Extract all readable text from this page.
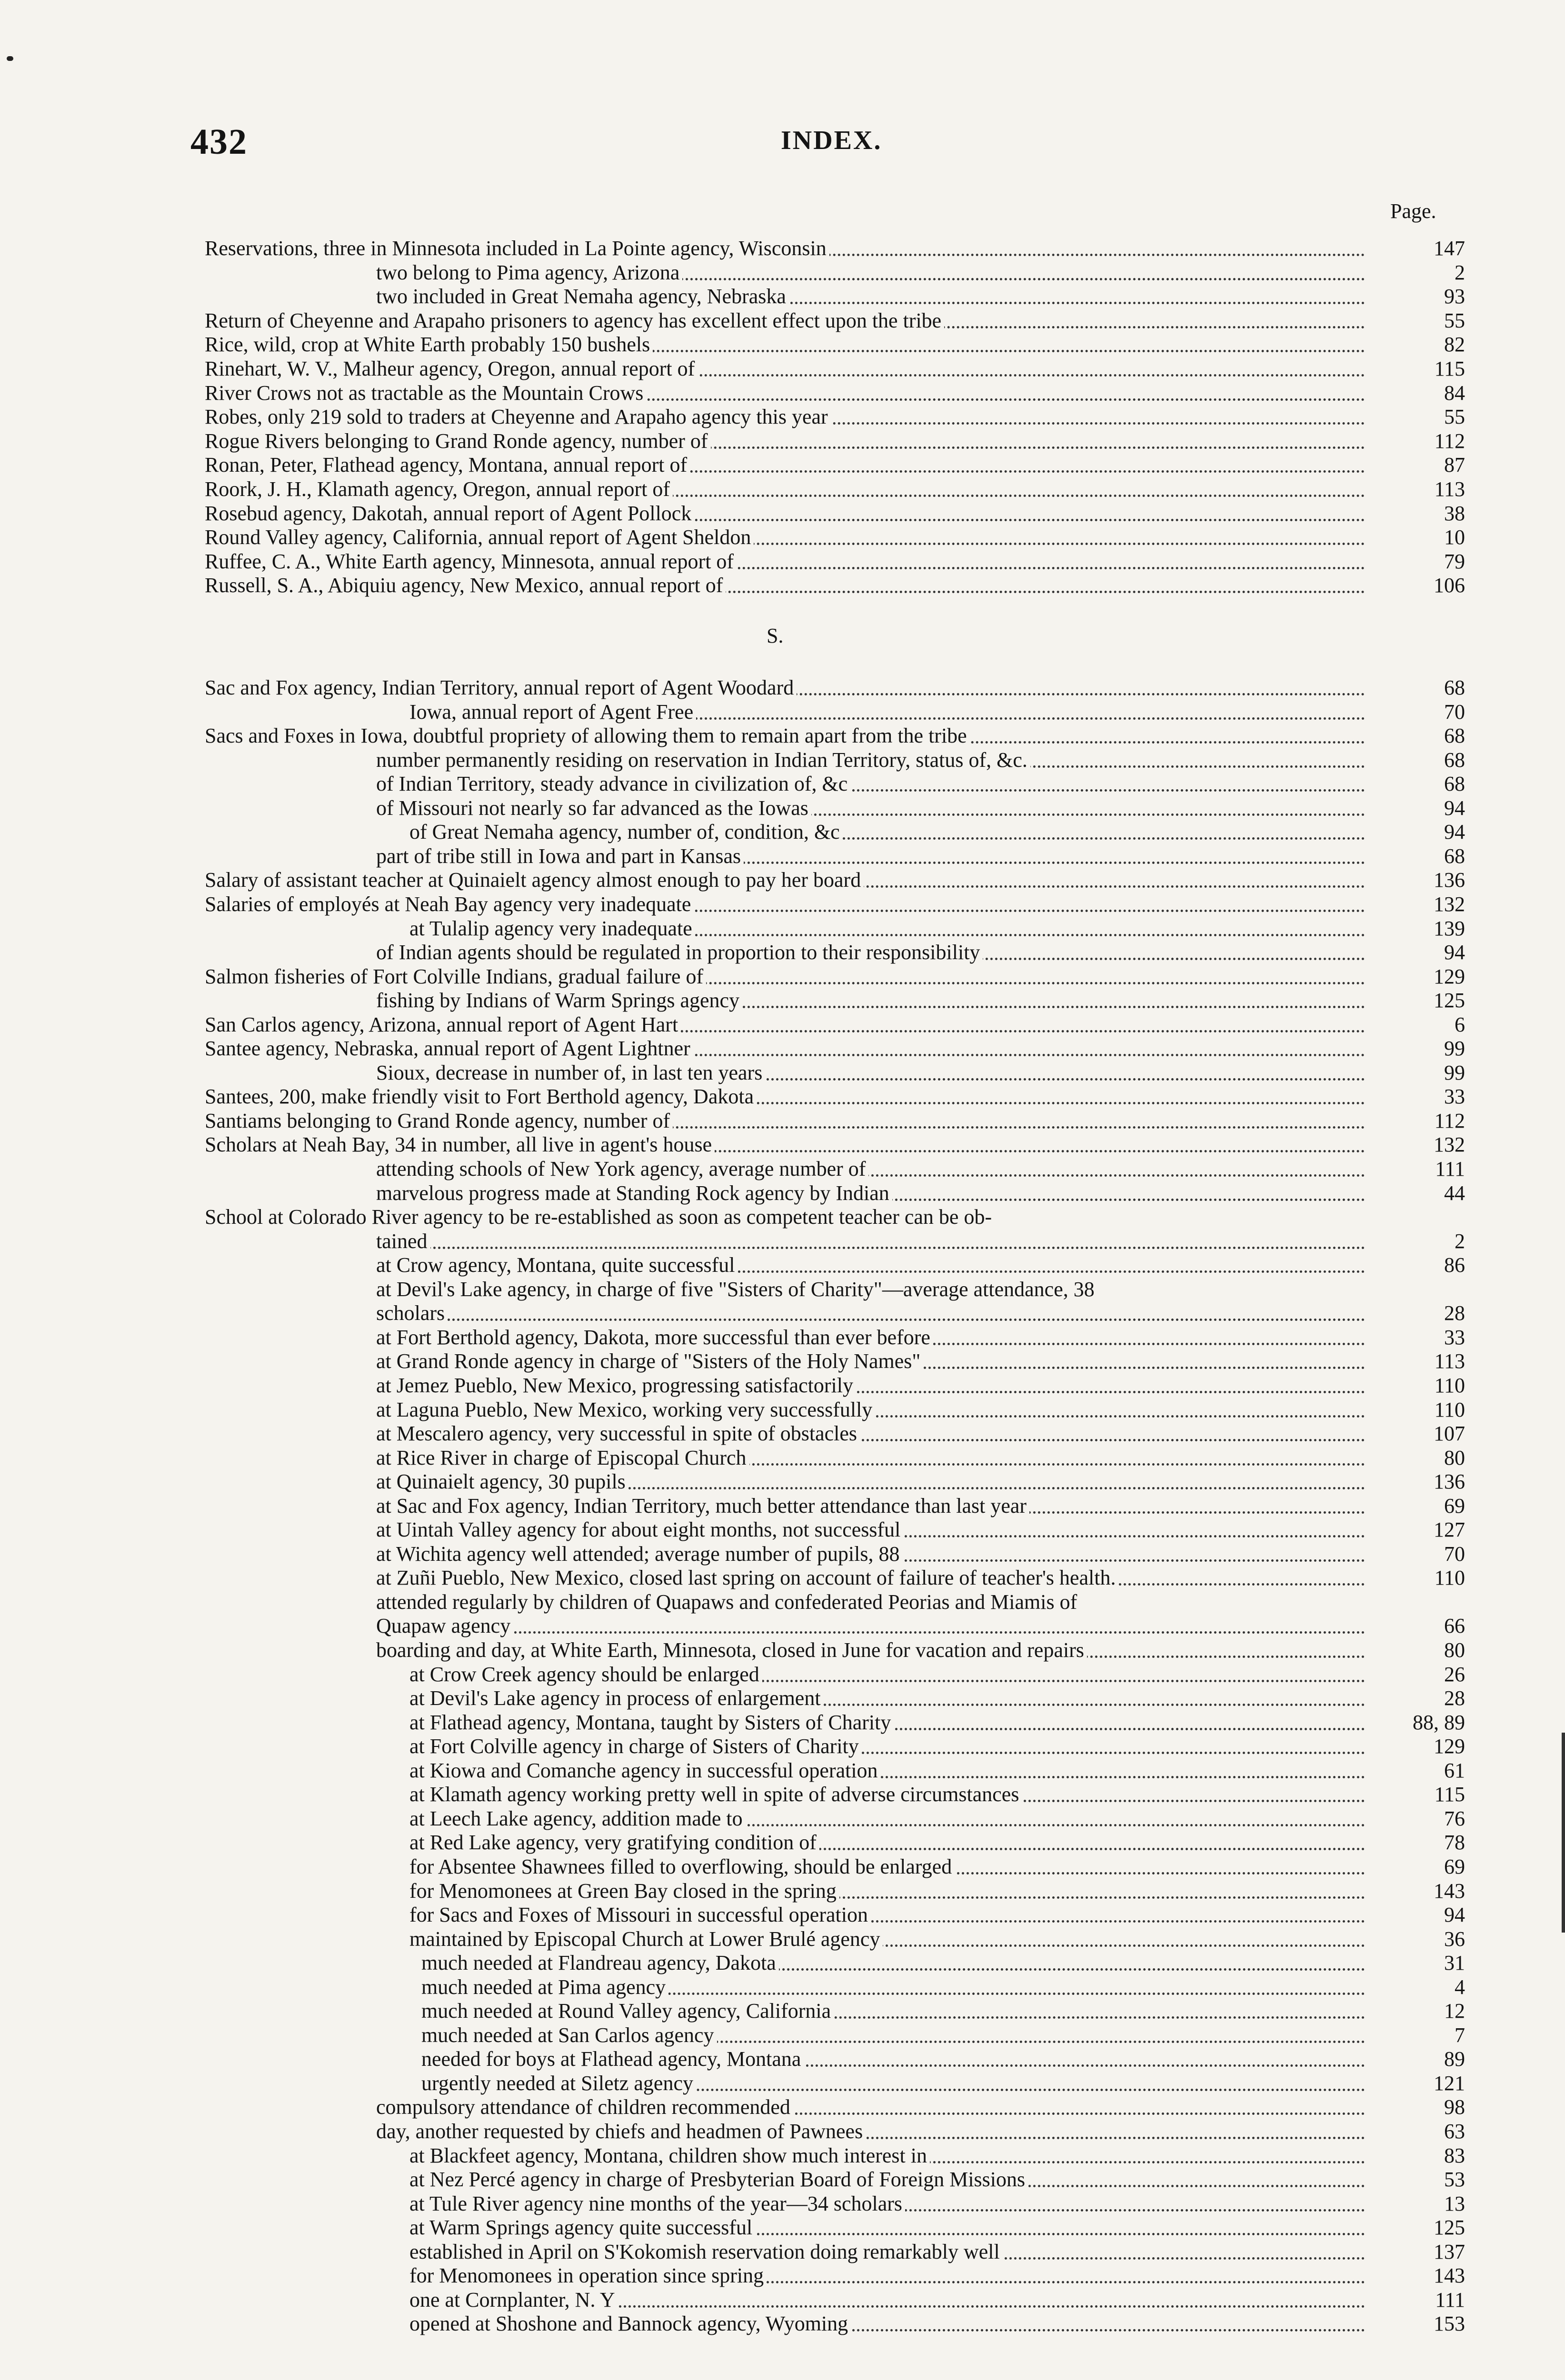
432	INDEX.
Page.
S.
Reservations, three in Minnesota included in La Pointe agency, Wisconsin	147
two belong to Pima agency, Arizona	2
two included in Great Nemaha agency, Nebraska	93
Return of Cheyenne and Arapaho prisoners to agency has excellent effect upon the tribe	55
Rice, wild, crop at White Earth probably 150 bushels	82
Rinehart, W. V., Malheur agency, Oregon, annual report of	115
River Crows not as tractable as the Mountain Crows	84
Robes, only 219 sold to traders at Cheyenne and Arapaho agency this year	55
Rogue Rivers belonging to Grand Ronde agency, number of	112
Ronan, Peter, Flathead agency, Montana, annual report of	87
Roork, J. H., Klamath agency, Oregon, annual report of	113
Rosebud agency, Dakotah, annual report of Agent Pollock	38
Round Valley agency, California, annual report of Agent Sheldon	10
Ruffee, C. A., White Earth agency, Minnesota, annual report of	79
Russell, S. A., Abiquiu agency, New Mexico, annual report of	106
Sac and Fox agency, Indian Territory, annual report of Agent Woodard	68
Iowa, annual report of Agent Free	70
Sacs and Foxes in Iowa, doubtful propriety of allowing them to remain apart from the tribe	68
number permanently residing on reservation in Indian Territory, status of, &c.	68
of Indian Territory, steady advance in civilization of, &c	68
of Missouri not nearly so far advanced as the Iowas	94
of Great Nemaha agency, number of, condition, &c	94
part of tribe still in Iowa and part in Kansas	68
Salary of assistant teacher at Quinaielt agency almost enough to pay her board	136
Salaries of employés at Neah Bay agency very inadequate	132
at Tulalip agency very inadequate	139
of Indian agents should be regulated in proportion to their responsibility	94
Salmon fisheries of Fort Colville Indians, gradual failure of	129
fishing by Indians of Warm Springs agency	125
San Carlos agency, Arizona, annual report of Agent Hart	6
Santee agency, Nebraska, annual report of Agent Lightner	99
Sioux, decrease in number of, in last ten years	99
Santees, 200, make friendly visit to Fort Berthold agency, Dakota	33
Santiams belonging to Grand Ronde agency, number of	112
Scholars at Neah Bay, 34 in number, all live in agent's house	132
attending schools of New York agency, average number of	111
marvelous progress made at Standing Rock agency by Indian	44
School at Colorado River agency to be re-established as soon as competent teacher can be ob-
tained	2
at Crow agency, Montana, quite successful	86
at Devil's Lake agency, in charge of five "Sisters of Charity"—average attendance, 38
scholars	28
at Fort Berthold agency, Dakota, more successful than ever before	33
at Grand Ronde agency in charge of "Sisters of the Holy Names"	113
at Jemez Pueblo, New Mexico, progressing satisfactorily	110
at Laguna Pueblo, New Mexico, working very successfully	110
at Mescalero agency, very successful in spite of obstacles	107
at Rice River in charge of Episcopal Church	80
at Quinaielt agency, 30 pupils	136
at Sac and Fox agency, Indian Territory, much better attendance than last year	69
at Uintah Valley agency for about eight months, not successful	127
at Wichita agency well attended; average number of pupils, 88	70
at Zuñi Pueblo, New Mexico, closed last spring on account of failure of teacher's health.	110
attended regularly by children of Quapaws and confederated Peorias and Miamis of
Quapaw agency	66
boarding and day, at White Earth, Minnesota, closed in June for vacation and repairs	80
at Crow Creek agency should be enlarged	26
at Devil's Lake agency in process of enlargement	28
at Flathead agency, Montana, taught by Sisters of Charity	88, 89
at Fort Colville agency in charge of Sisters of Charity	129
at Kiowa and Comanche agency in successful operation	61
at Klamath agency working pretty well in spite of adverse circumstances	115
at Leech Lake agency, addition made to	76
at Red Lake agency, very gratifying condition of	78
for Absentee Shawnees filled to overflowing, should be enlarged	69
for Menomonees at Green Bay closed in the spring	143
for Sacs and Foxes of Missouri in successful operation	94
maintained by Episcopal Church at Lower Brulé agency	36
much needed at Flandreau agency, Dakota	31
much needed at Pima agency	4
much needed at Round Valley agency, California	12
much needed at San Carlos agency	7
needed for boys at Flathead agency, Montana	89
urgently needed at Siletz agency	121
compulsory attendance of children recommended	98
day, another requested by chiefs and headmen of Pawnees	63
at Blackfeet agency, Montana, children show much interest in	83
at Nez Percé agency in charge of Presbyterian Board of Foreign Missions	53
at Tule River agency nine months of the year—34 scholars	13
at Warm Springs agency quite successful	125
established in April on S'Kokomish reservation doing remarkably well	137
for Menomonees in operation since spring	143
one at Cornplanter, N. Y	111
opened at Shoshone and Bannock agency, Wyoming	153
